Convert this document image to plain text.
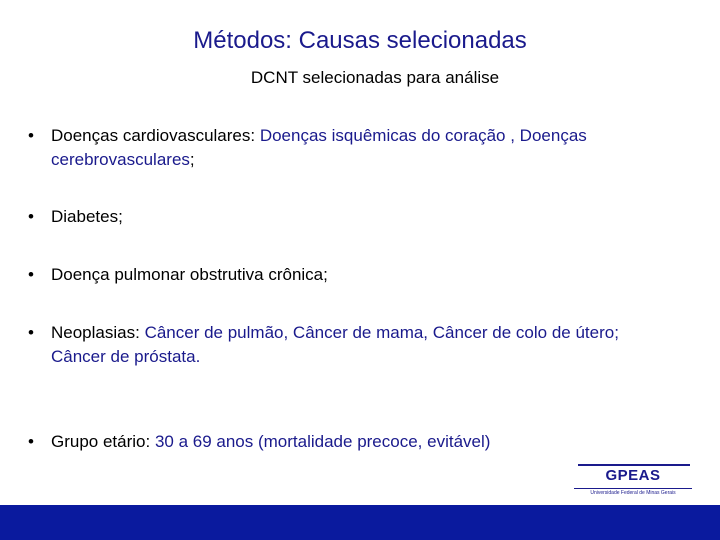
Métodos: Causas selecionadas
DCNT selecionadas para análise
• Doenças cardiovasculares: Doenças isquêmicas do coração , Doenças
cerebrovasculares;
• Diabetes;
• Doença pulmonar obstrutiva crônica;
• Neoplasias: Câncer de pulmão, Câncer de mama, Câncer de colo de útero;
Câncer de próstata.
• Grupo etário: 30 a 69 anos (mortalidade precoce, evitável)
GPEAS
Universidade Federal de Minas Gerais
